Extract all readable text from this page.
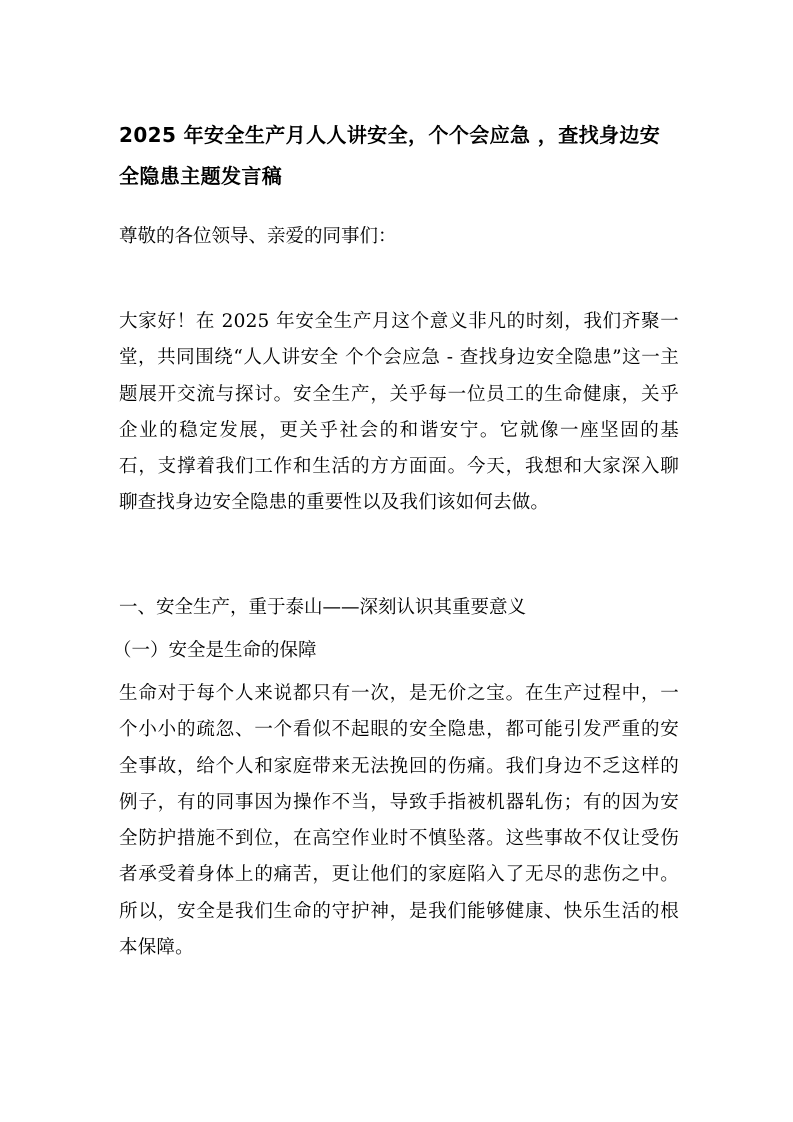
2025 年安全生产月人人讲安全，个个会应急 ，查找身边安全隐患主题发言稿
尊敬的各位领导、亲爱的同事们：
大家好！在 2025 年安全生产月这个意义非凡的时刻，我们齐聚一堂，共同围绕“人人讲安全 个个会应急 - 查找身边安全隐患”这一主题展开交流与探讨。安全生产，关乎每一位员工的生命健康，关乎企业的稳定发展，更关乎社会的和谐安宁。它就像一座坚固的基石，支撑着我们工作和生活的方方面面。今天，我想和大家深入聊聊查找身边安全隐患的重要性以及我们该如何去做。
一、安全生产，重于泰山——深刻认识其重要意义
（一）安全是生命的保障
生命对于每个人来说都只有一次，是无价之宝。在生产过程中，一个小小的疏忽、一个看似不起眼的安全隐患，都可能引发严重的安全事故，给个人和家庭带来无法挽回的伤痛。我们身边不乏这样的例子，有的同事因为操作不当，导致手指被机器轧伤；有的因为安全防护措施不到位，在高空作业时不慎坠落。这些事故不仅让受伤者承受着身体上的痛苦，更让他们的家庭陷入了无尽的悲伤之中。所以，安全是我们生命的守护神，是我们能够健康、快乐生活的根本保障。
